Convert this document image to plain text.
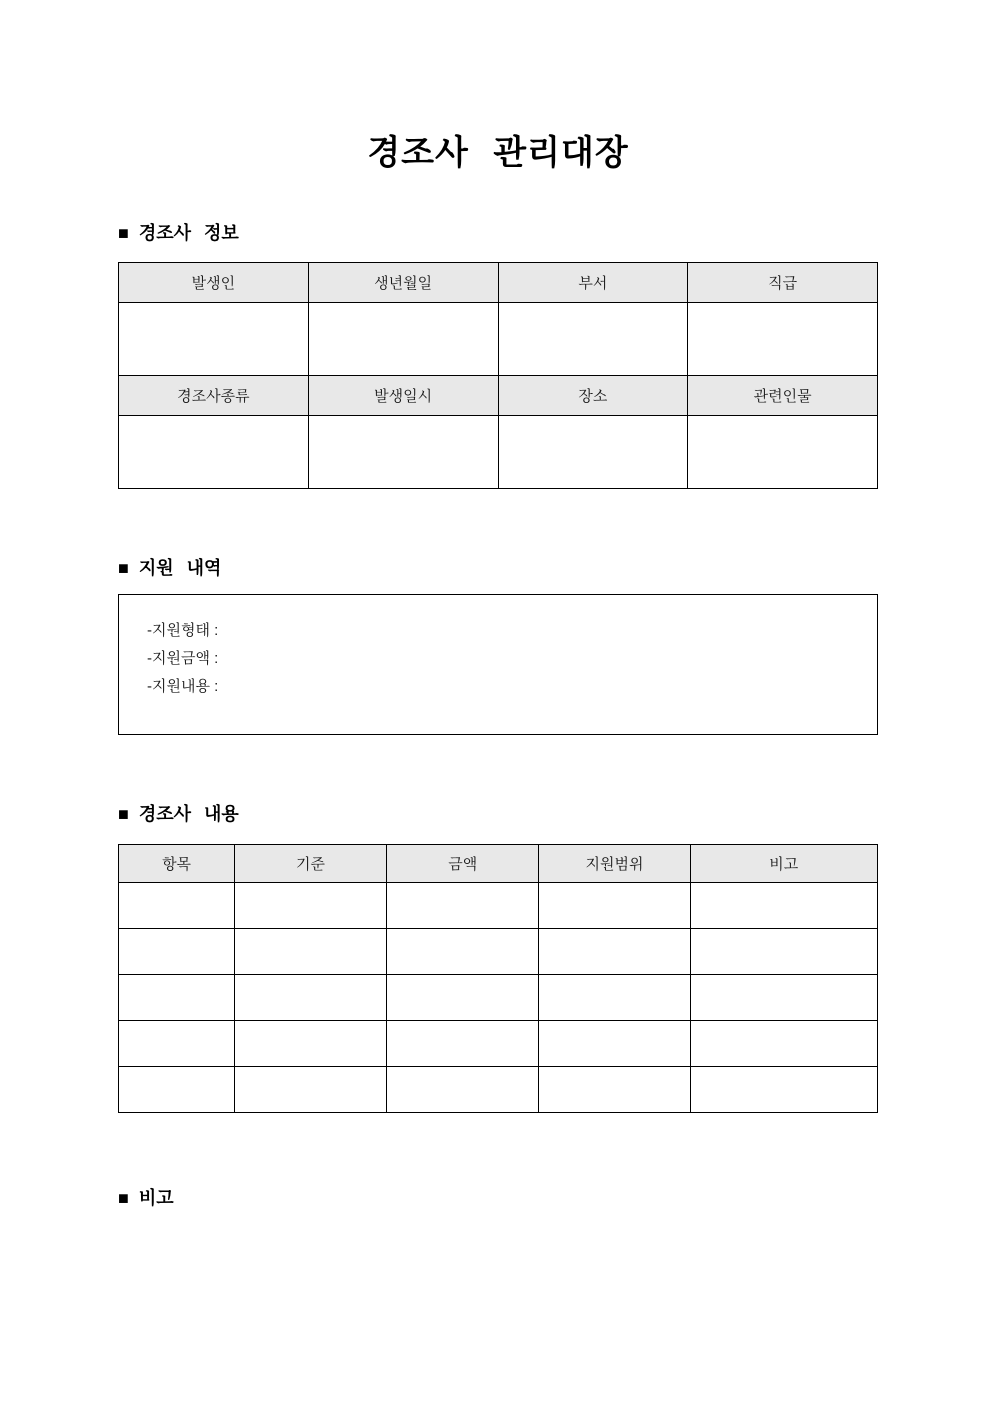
경조사 관리대장
■ 경조사 정보
발생인	생년월일	부서	직급

경조사종류	발생일시	장소	관련인물

■ 지원 내역
-지원형태 :
-지원금액 :
-지원내용 :
■ 경조사 내용
항목	기준	금액	지원범위	비고

■ 비고
